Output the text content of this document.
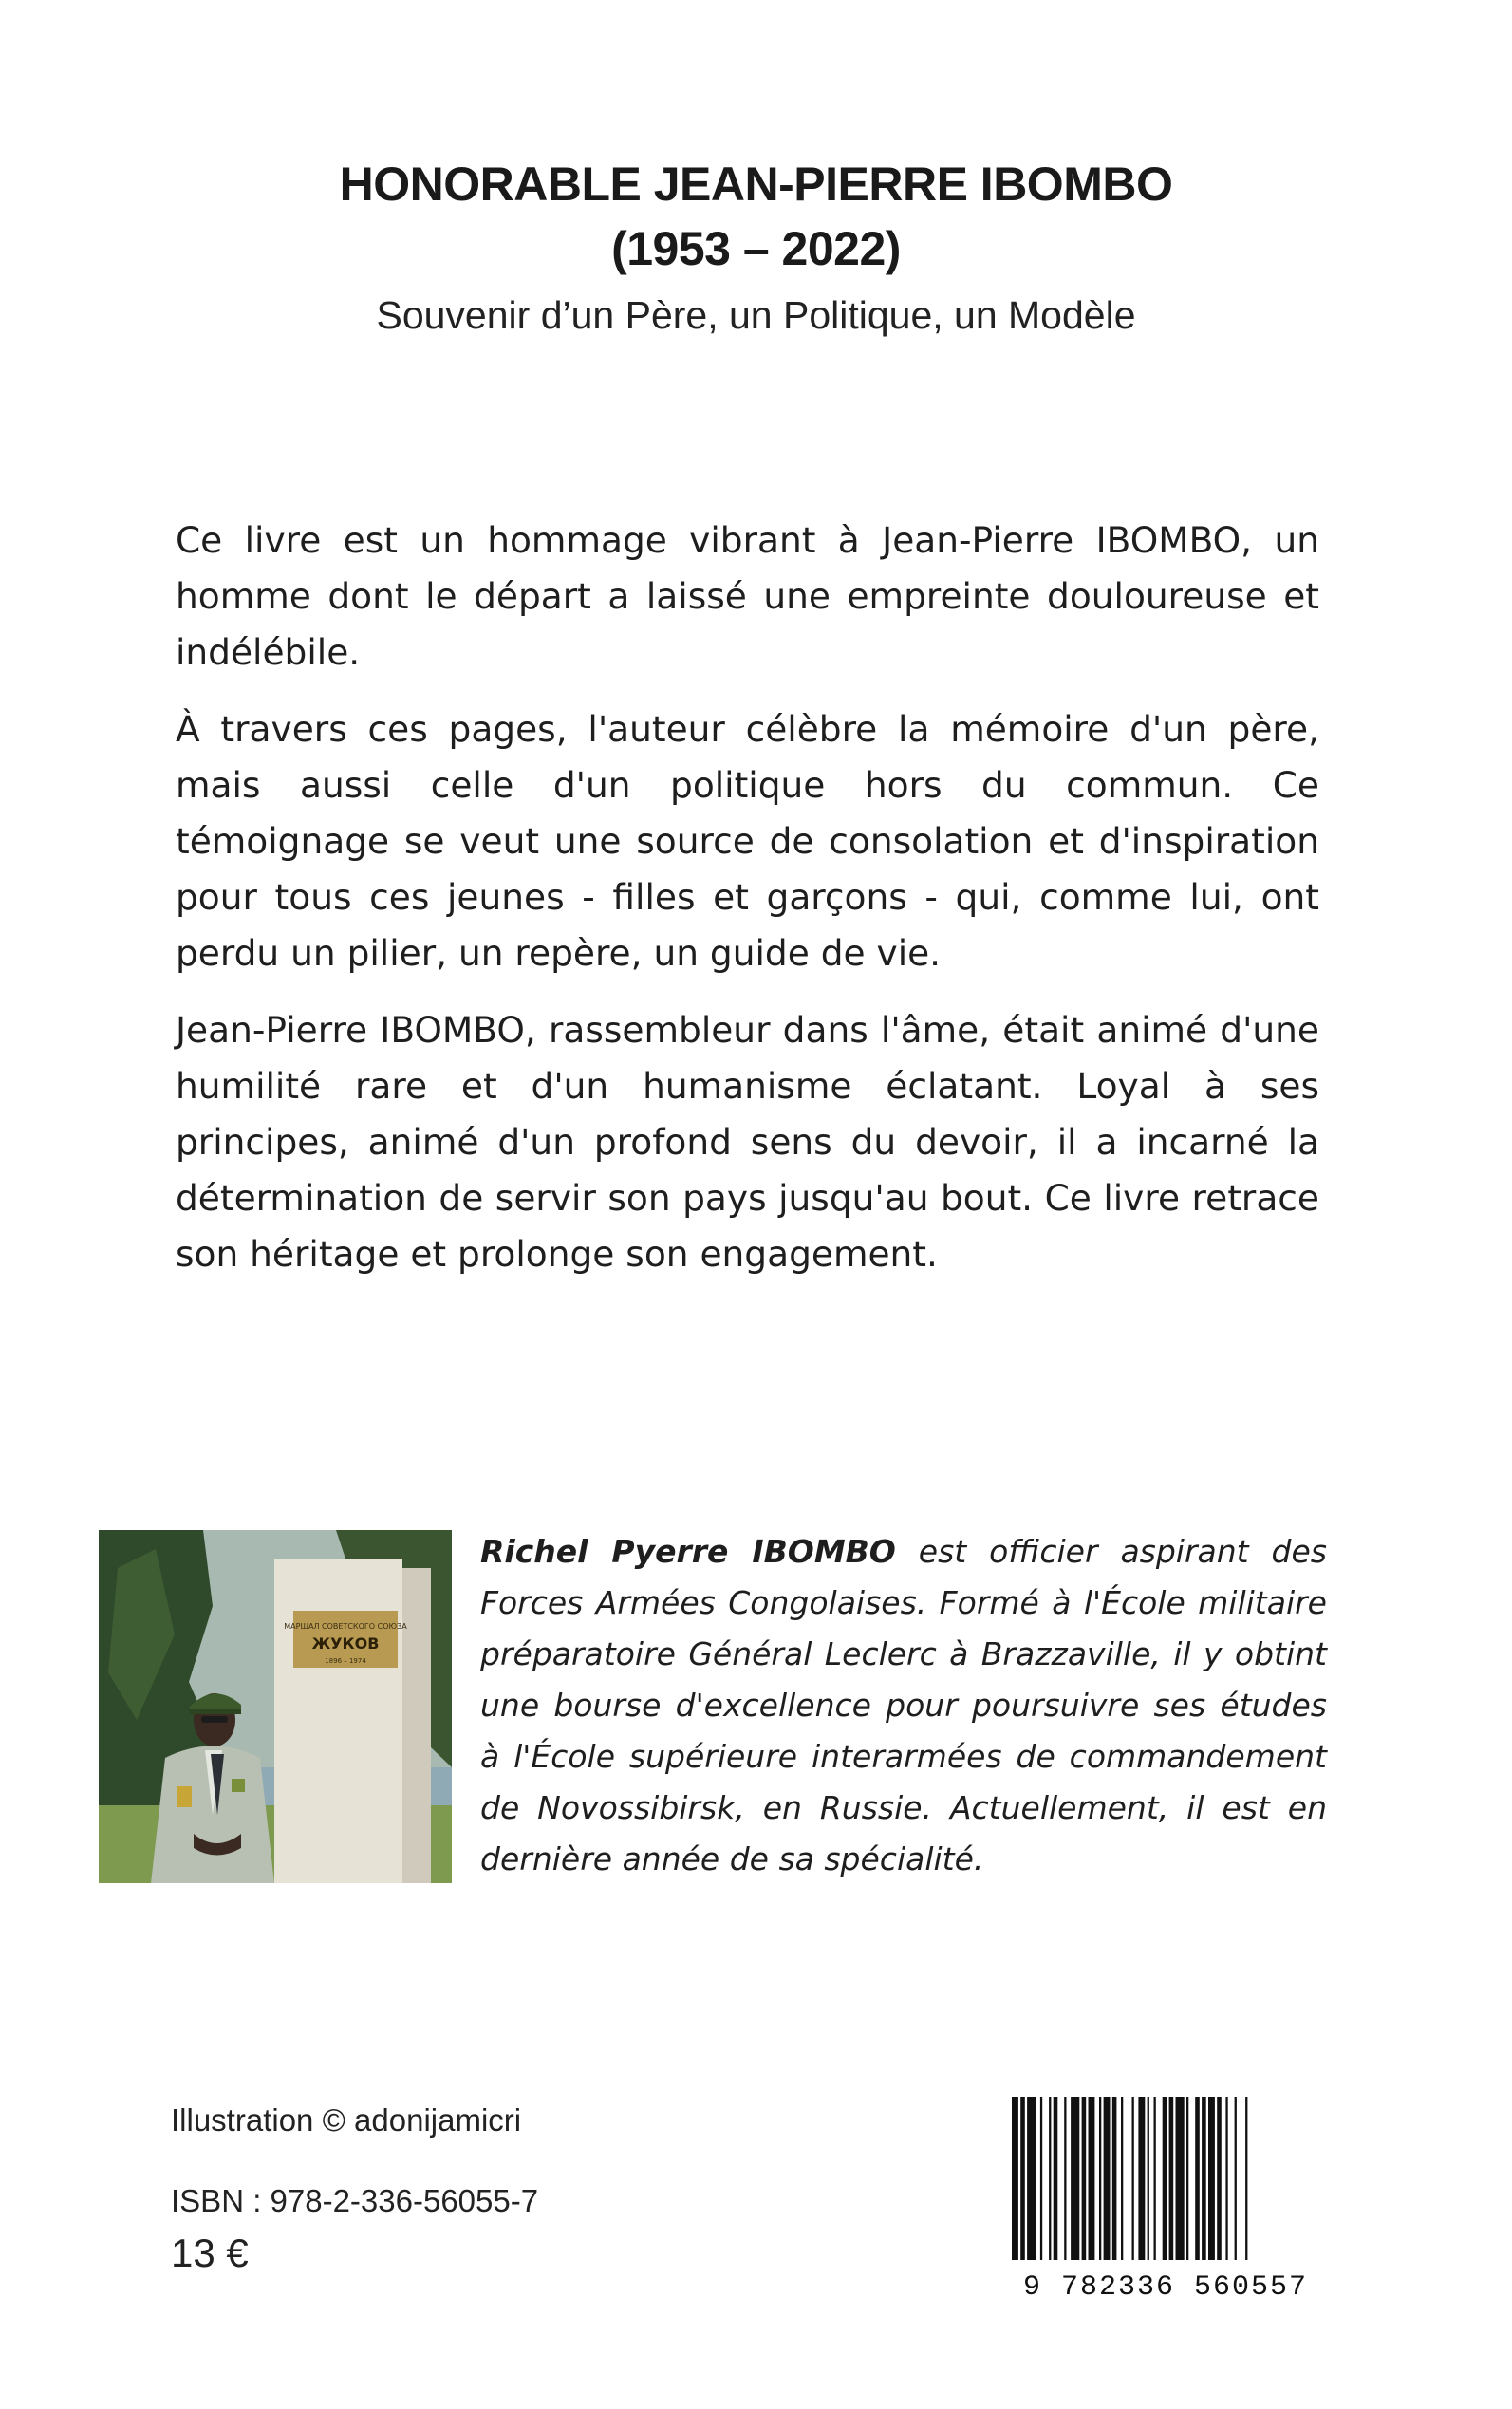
HONORABLE JEAN-PIERRE IBOMBO
(1953 – 2022)
Souvenir d’un Père, un Politique, un Modèle

Ce livre est un hommage vibrant à Jean-Pierre IBOMBO, un homme dont le départ a laissé une empreinte douloureuse et indélébile.

À travers ces pages, l'auteur célèbre la mémoire d'un père, mais aussi celle d'un politique hors du commun. Ce témoignage se veut une source de consolation et d'inspiration pour tous ces jeunes - filles et garçons - qui, comme lui, ont perdu un pilier, un repère, un guide de vie.

Jean-Pierre IBOMBO, rassembleur dans l'âme, était animé d'une humilité rare et d'un humanisme éclatant. Loyal à ses principes, animé d'un profond sens du devoir, il a incarné la détermination de servir son pays jusqu'au bout. Ce livre retrace son héritage et prolonge son engagement.

МАРШАЛ СОВЕТСКОГО СОЮЗА
ЖУКОВ
1896 – 1974
Richel Pyerre IBOMBO est officier aspirant des Forces Armées Congolaises. Formé à l'École militaire préparatoire Général Leclerc à Brazzaville, il y obtint une bourse d'excellence pour poursuivre ses études à l'École supérieure interarmées de commandement de Novossibirsk, en Russie. Actuellement, il est en dernière année de sa spécialité.
Illustration © adonijamicri
ISBN : 978-2-336-56055-7
13 €
9 782336 560557
